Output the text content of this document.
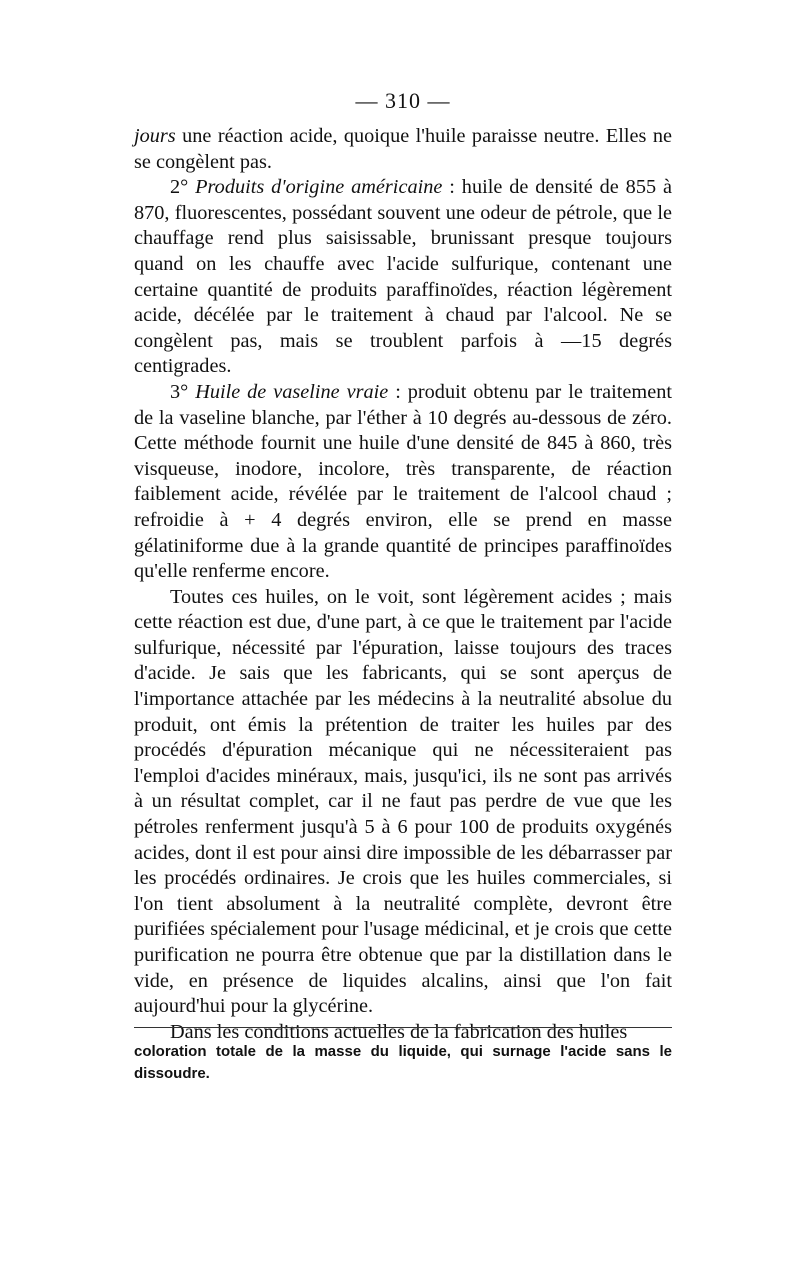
— 310 —

jours une réaction acide, quoique l'huile paraisse neutre. Elles ne se congèlent pas.

2° Produits d'origine américaine : huile de densité de 855 à 870, fluorescentes, possédant souvent une odeur de pétrole, que le chauffage rend plus saisissable, brunissant presque toujours quand on les chauffe avec l'acide sulfurique, contenant une certaine quantité de produits paraffinoïdes, réaction légèrement acide, décélée par le traitement à chaud par l'alcool. Ne se congèlent pas, mais se troublent parfois à —15 degrés centigrades.

3° Huile de vaseline vraie : produit obtenu par le traitement de la vaseline blanche, par l'éther à 10 degrés au-dessous de zéro. Cette méthode fournit une huile d'une densité de 845 à 860, très visqueuse, inodore, incolore, très transparente, de réaction faiblement acide, révélée par le traitement de l'alcool chaud ; refroidie à + 4 degrés environ, elle se prend en masse gélatiniforme due à la grande quantité de principes paraffinoïdes qu'elle renferme encore.

Toutes ces huiles, on le voit, sont légèrement acides ; mais cette réaction est due, d'une part, à ce que le traitement par l'acide sulfurique, nécessité par l'épuration, laisse toujours des traces d'acide. Je sais que les fabricants, qui se sont aperçus de l'importance attachée par les médecins à la neutralité absolue du produit, ont émis la prétention de traiter les huiles par des procédés d'épuration mécanique qui ne nécessiteraient pas l'emploi d'acides minéraux, mais, jusqu'ici, ils ne sont pas arrivés à un résultat complet, car il ne faut pas perdre de vue que les pétroles renferment jusqu'à 5 à 6 pour 100 de produits oxygénés acides, dont il est pour ainsi dire impossible de les débarrasser par les procédés ordinaires. Je crois que les huiles commerciales, si l'on tient absolument à la neutralité complète, devront être purifiées spécialement pour l'usage médicinal, et je crois que cette purification ne pourra être obtenue que par la distillation dans le vide, en présence de liquides alcalins, ainsi que l'on fait aujourd'hui pour la glycérine.

Dans les conditions actuelles de la fabrication des huiles

coloration totale de la masse du liquide, qui surnage l'acide sans le dissoudre.
